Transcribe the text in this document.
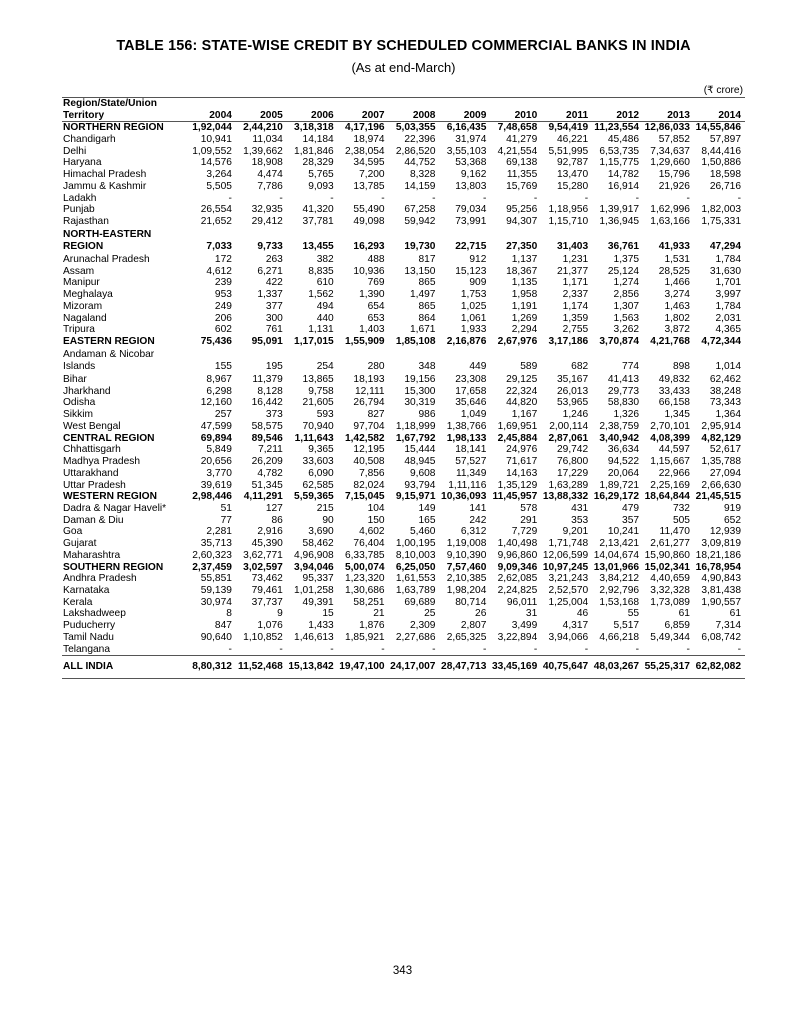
TABLE 156: STATE-WISE CREDIT BY SCHEDULED COMMERCIAL BANKS IN INDIA
(As at end-March)
(₹ crore)
Region/State/Union Territory	2004	2005	2006	2007	2008	2009	2010	2011	2012	2013	2014
NORTHERN REGION	1,92,044	2,44,210	3,18,318	4,17,196	5,03,355	6,16,435	7,48,658	9,54,419	11,23,554	12,86,033	14,55,846
Chandigarh	10,941	11,034	14,184	18,974	22,396	31,974	41,279	46,221	45,486	57,852	57,897
Delhi	1,09,552	1,39,662	1,81,846	2,38,054	2,86,520	3,55,103	4,21,554	5,51,995	6,53,735	7,34,637	8,44,416
Haryana	14,576	18,908	28,329	34,595	44,752	53,368	69,138	92,787	1,15,775	1,29,660	1,50,886
Himachal Pradesh	3,264	4,474	5,765	7,200	8,328	9,162	11,355	13,470	14,782	15,796	18,598
Jammu & Kashmir	5,505	7,786	9,093	13,785	14,159	13,803	15,769	15,280	16,914	21,926	26,716
Ladakh	-	-	-	-	-	-	-	-	-	-	-
Punjab	26,554	32,935	41,320	55,490	67,258	79,034	95,256	1,18,956	1,39,917	1,62,996	1,82,003
Rajasthan	21,652	29,412	37,781	49,098	59,942	73,991	94,307	1,15,710	1,36,945	1,63,166	1,75,331

NORTH-EASTERN
REGION	7,033	9,733	13,455	16,293	19,730	22,715	27,350	31,403	36,761	41,933	47,294
Arunachal Pradesh	172	263	382	488	817	912	1,137	1,231	1,375	1,531	1,784
Assam	4,612	6,271	8,835	10,936	13,150	15,123	18,367	21,377	25,124	28,525	31,630
Manipur	239	422	610	769	865	909	1,135	1,171	1,274	1,466	1,701
Meghalaya	953	1,337	1,562	1,390	1,497	1,753	1,958	2,337	2,856	3,274	3,997
Mizoram	249	377	494	654	865	1,025	1,191	1,174	1,307	1,463	1,784
Nagaland	206	300	440	653	864	1,061	1,269	1,359	1,563	1,802	2,031
Tripura	602	761	1,131	1,403	1,671	1,933	2,294	2,755	3,262	3,872	4,365
EASTERN REGION	75,436	95,091	1,17,015	1,55,909	1,85,108	2,16,876	2,67,976	3,17,186	3,70,874	4,21,768	4,72,344

Andaman & Nicobar
Islands	155	195	254	280	348	449	589	682	774	898	1,014
Bihar	8,967	11,379	13,865	18,193	19,156	23,308	29,125	35,167	41,413	49,832	62,462
Jharkhand	6,298	8,128	9,758	12,111	15,300	17,658	22,324	26,013	29,773	33,433	38,248
Odisha	12,160	16,442	21,605	26,794	30,319	35,646	44,820	53,965	58,830	66,158	73,343
Sikkim	257	373	593	827	986	1,049	1,167	1,246	1,326	1,345	1,364
West Bengal	47,599	58,575	70,940	97,704	1,18,999	1,38,766	1,69,951	2,00,114	2,38,759	2,70,101	2,95,914
CENTRAL REGION	69,894	89,546	1,11,643	1,42,582	1,67,792	1,98,133	2,45,884	2,87,061	3,40,942	4,08,399	4,82,129
Chhattisgarh	5,849	7,211	9,365	12,195	15,444	18,141	24,976	29,742	36,634	44,597	52,617
Madhya Pradesh	20,656	26,209	33,603	40,508	48,945	57,527	71,617	76,800	94,522	1,15,667	1,35,788
Uttarakhand	3,770	4,782	6,090	7,856	9,608	11,349	14,163	17,229	20,064	22,966	27,094
Uttar Pradesh	39,619	51,345	62,585	82,024	93,794	1,11,116	1,35,129	1,63,289	1,89,721	2,25,169	2,66,630
WESTERN REGION	2,98,446	4,11,291	5,59,365	7,15,045	9,15,971	10,36,093	11,45,957	13,88,332	16,29,172	18,64,844	21,45,515
Dadra & Nagar Haveli*	51	127	215	104	149	141	578	431	479	732	919
Daman & Diu	77	86	90	150	165	242	291	353	357	505	652
Goa	2,281	2,916	3,690	4,602	5,460	6,312	7,729	9,201	10,241	11,470	12,939
Gujarat	35,713	45,390	58,462	76,404	1,00,195	1,19,008	1,40,498	1,71,748	2,13,421	2,61,277	3,09,819
Maharashtra	2,60,323	3,62,771	4,96,908	6,33,785	8,10,003	9,10,390	9,96,860	12,06,599	14,04,674	15,90,860	18,21,186
SOUTHERN REGION	2,37,459	3,02,597	3,94,046	5,00,074	6,25,050	7,57,460	9,09,346	10,97,245	13,01,966	15,02,341	16,78,954
Andhra Pradesh	55,851	73,462	95,337	1,23,320	1,61,553	2,10,385	2,62,085	3,21,243	3,84,212	4,40,659	4,90,843
Karnataka	59,139	79,461	1,01,258	1,30,686	1,63,789	1,98,204	2,24,825	2,52,570	2,92,796	3,32,328	3,81,438
Kerala	30,974	37,737	49,391	58,251	69,689	80,714	96,011	1,25,004	1,53,168	1,73,089	1,90,557
Lakshadweep	8	9	15	21	25	26	31	46	55	61	61
Puducherry	847	1,076	1,433	1,876	2,309	2,807	3,499	4,317	5,517	6,859	7,314
Tamil Nadu	90,640	1,10,852	1,46,613	1,85,921	2,27,686	2,65,325	3,22,894	3,94,066	4,66,218	5,49,344	6,08,742
Telangana	-	-	-	-	-	-	-	-	-	-	-
ALL INDIA	8,80,312	11,52,468	15,13,842	19,47,100	24,17,007	28,47,713	33,45,169	40,75,647	48,03,267	55,25,317	62,82,082
343
